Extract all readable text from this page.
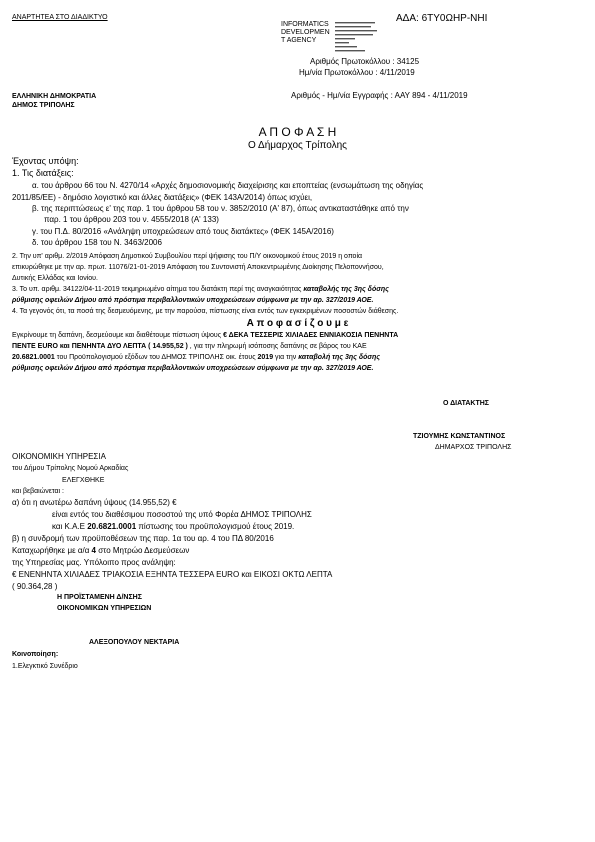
ΑΝΑΡΤΗΤΕΑ ΣΤΟ ΔΙΑΔΙΚΤΥΟ
INFORMATICS
DEVELOPMEN
T AGENCY
ΑΔΑ: 6ΤΥ0ΩΗΡ-ΝΗΙ
Αριθμός Πρωτοκόλλου : 34125
Ημ/νία Πρωτοκόλλου : 4/11/2019
ΕΛΛΗΝΙΚΗ ΔΗΜΟΚΡΑΤΙΑ
ΔΗΜΟΣ ΤΡΙΠΟΛΗΣ
Αριθμός - Ημ/νία Εγγραφής : ΑΑΥ 894 - 4/11/2019
Α Π Ο Φ Α Σ Η
Ο Δήμαρχος Τρίπολης
Έχοντας υπόψη:
1. Τις διατάξεις:
α. του άρθρου 66 του Ν. 4270/14 «Αρχές δημοσιονομικής διαχείρισης και εποπτείας (ενσωμάτωση της οδηγίας
2011/85/ΕΕ) - δημόσιο λογιστικό και άλλες διατάξεις» (ΦΕΚ 143Α/2014) όπως ισχύει,
β. της περιπτώσεως ε' της παρ. 1 του άρθρου 58 του ν. 3852/2010 (Α' 87), όπως αντικαταστάθηκε από την
παρ. 1 του άρθρου 203 του ν. 4555/2018 (Α' 133)
γ. του Π.Δ. 80/2016 «Ανάληψη υποχρεώσεων από τους διατάκτες» (ΦΕΚ 145Α/2016)
δ. του άρθρου 158 του Ν. 3463/2006
2. Την υπ' αριθμ. 2/2019 Απόφαση Δημοτικού Συμβουλίου περί ψήφισης του Π/Υ οικονομικού έτους 2019 η οποία
επικυρώθηκε με την αρ. πρωτ. 11076/21-01-2019 Απόφαση του Συντονιστή Αποκεντρωμένης Διοίκησης Πελοποννήσου,
Δυτικής Ελλάδας και Ιονίου.
3. Το υπ. αριθμ. 34122/04-11-2019 τεκμηριωμένο αίτημα του διατάκτη περί της αναγκαιότητας καταβολής της 3ης δόσης
ρύθμισης οφειλών Δήμου από πρόστιμα περιβαλλοντικών υποχρεώσεων σύμφωνα με την αρ. 327/2019 ΑΟΕ.
4. Τα γεγονός ότι, τα ποσά της δεσμευόμενης, με την παρούσα, πίστωσης είναι εντός των εγκεκριμένων ποσοστών διάθεσης.
Α π ο φ α σ ί ζ ο υ μ ε
Εγκρίνουμε τη δαπάνη, δεσμεύουμε και διαθέτουμε πίστωση ύψους € ΔΕΚΑ ΤΕΣΣΕΡΙΣ ΧΙΛΙΑΔΕΣ ΕΝΝΙΑΚΟΣΙΑ ΠΕΝΗΝΤΑ
ΠΕΝΤΕ EURO και ΠΕΝΗΝΤΑ ΔΥΟ ΛΕΠΤΑ ( 14.955,52 ) , για την πληρωμή ισόποσης δαπάνης σε βάρος του ΚΑΕ
20.6821.0001 του Προϋπολογισμού εξόδων του ΔΗΜΟΣ ΤΡΙΠΟΛΗΣ οικ. έτους 2019 για την καταβολή της 3ης δόσης
ρύθμισης οφειλών Δήμου από πρόστιμα περιβαλλοντικών υποχρεώσεων σύμφωνα με την αρ. 327/2019 ΑΟΕ.
Ο ΔΙΑΤΑΚΤΗΣ
ΤΖΙΟΥΜΗΣ ΚΩΝΣΤΑΝΤΙΝΟΣ
ΔΗΜΑΡΧΟΣ ΤΡΙΠΟΛΗΣ
ΟΙΚΟΝΟΜΙΚΗ ΥΠΗΡΕΣΙΑ
του Δήμου Τρίπολης Νομού Αρκαδίας
ΕΛΕΓΧΘΗΚΕ
και βεβαιώνεται :
α) ότι η ανωτέρω δαπάνη ύψους (14.955,52) €
είναι εντός του διαθέσιμου ποσοστού της υπό Φορέα ΔΗΜΟΣ ΤΡΙΠΟΛΗΣ
και Κ.Α.Ε 20.6821.0001 πίστωσης του προϋπολογισμού έτους 2019.
β) η συνδρομή των προϋποθέσεων της παρ. 1α του αρ. 4 του ΠΔ 80/2016
Καταχωρήθηκε με α/α 4 στο Μητρώο Δεσμεύσεων
της Υπηρεσίας μας. Υπόλοιπο προς ανάληψη:
€ ΕΝΕΝΗΝΤΑ ΧΙΛΙΑΔΕΣ ΤΡΙΑΚΟΣΙΑ ΕΞΗΝΤΑ ΤΕΣΣΕΡΑ EURO και ΕΙΚΟΣΙ ΟΚΤΩ ΛΕΠΤΑ
( 90.364,28 )
Η ΠΡΟΪΣΤΑΜΕΝΗ Δ/ΝΣΗΣ
ΟΙΚΟΝΟΜΙΚΩΝ ΥΠΗΡΕΣΙΩΝ
ΑΛΕΞΟΠΟΥΛΟΥ ΝΕΚΤΑΡΙΑ
Κοινοποίηση:
1.Ελεγκτικό Συνέδριο
